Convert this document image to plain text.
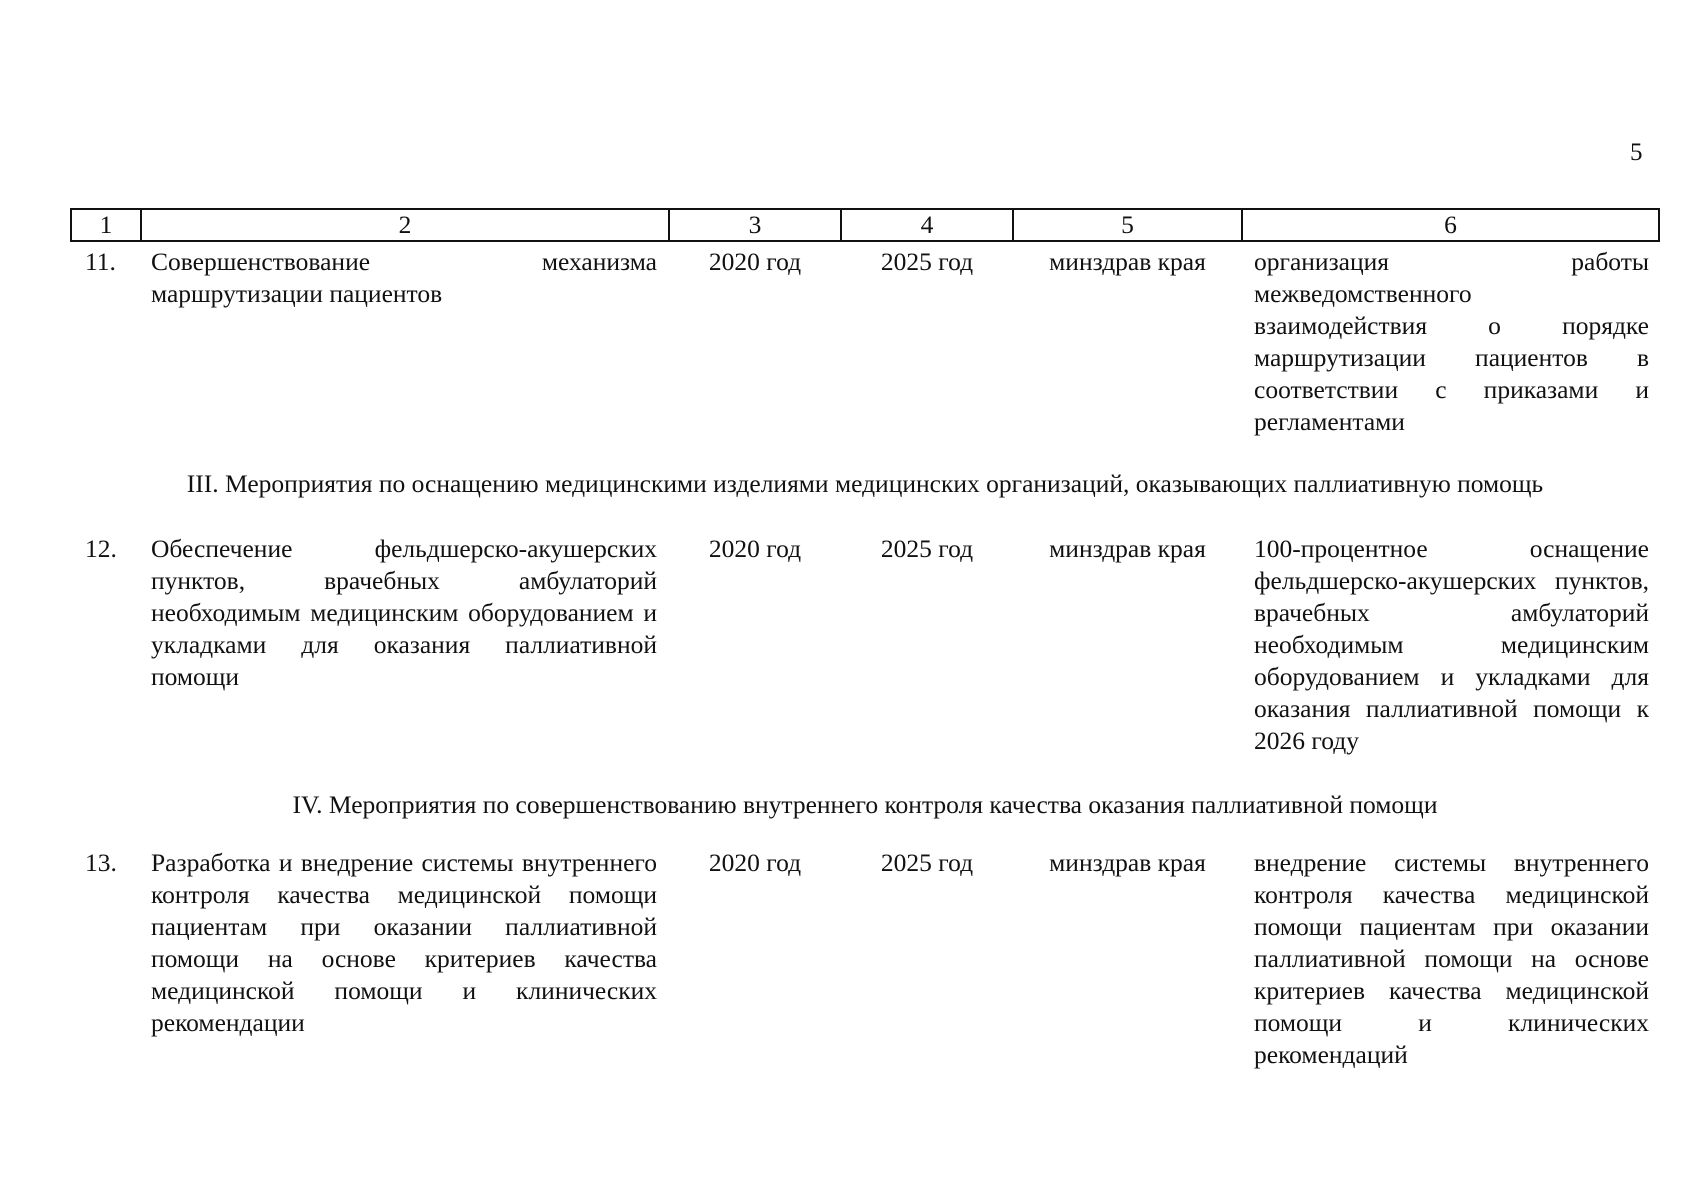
5
1	2	3	4	5	6
11.	Совершенствование механизма маршрутизации пациентов	2020 год	2025 год	минздрав края	организация работы межведомственного взаимодействия о порядке маршрутизации пациентов в соответствии с приказами и регламентами
III. Мероприятия по оснащению медицинскими изделиями медицинских организаций, оказывающих паллиативную помощь					
12.	Обеспечение фельдшерско-акушерских пунктов, врачебных амбулаторий необходимым медицинским оборудованием и укладками для оказания паллиативной помощи	2020 год	2025 год	минздрав края	100-процентное оснащение фельдшерско-акушерских пунктов, врачебных амбулаторий необходимым медицинским оборудованием и укладками для оказания паллиативной помощи к 2026 году
IV. Мероприятия по совершенствованию внутреннего контроля качества оказания паллиативной помощи					
13.	Разработка и внедрение системы внутреннего контроля качества медицинской помощи пациентам при оказании паллиативной помощи на основе критериев качества медицинской помощи и клинических рекомендации	2020 год	2025 год	минздрав края	внедрение системы внутреннего контроля качества медицинской помощи пациентам при оказании паллиативной помощи на основе критериев качества медицинской помощи и клинических рекомендаций
